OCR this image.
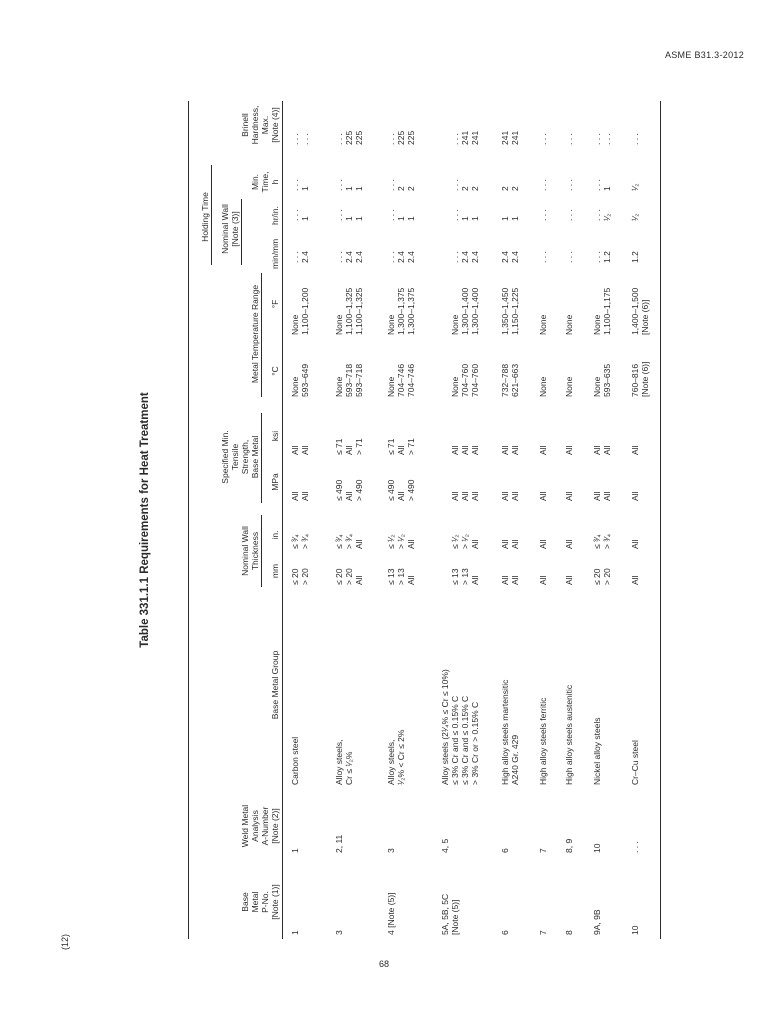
ASME B31.3-2012
(12)
68
Table 331.1.1 Requirements for Heat Treatment
Base Metal P-No. [Note (1)]
Weld Metal Analysis A-Number [Note (2)]
Base Metal Group
Nominal Wall Thickness
mm
in.
Specified Min. Tensile Strength, Base Metal
MPa
ksi
Metal Temperature Range °C
°F
Holding Time Nominal Wall [Note (3)]
min/mm
hr/in.
Min. Time, h
Brinell Hardness, Max. [Note (4)]
1
1
Carbon steel
≤ 20 > 20
≤ ³⁄₄ > ³⁄₄
All All
All All
None 593–649
None 1,100–1,200
. . . 2.4
. . . 1
. . . 1
. . . . . .
3
2, 11
Alloy steels, Cr ≤ ¹⁄₂%
≤ 20 > 20 All
≤ ³⁄₄ > ³⁄₄ All
≤ 490 All > 490
≤ 71 All > 71
None 593–718 593–718
None 1,100–1,325 1,100–1,325
. . . 2.4 2.4
. . . 1 1
. . . 1 1
. . . 225 225
4 [Note (5)]
3
Alloy steels, ¹⁄₂% < Cr ≤ 2%
≤ 13 > 13 All
≤ ¹⁄₂ > ¹⁄₂ All
≤ 490 All > 490
≤ 71 All > 71
None 704–746 704–746
None 1,300–1,375 1,300–1,375
. . . 2.4 2.4
. . . 1 1
. . . 2 2
. . . 225 225
5A, 5B, 5C [Note (5)]
4, 5
Alloy steels (2¹⁄₄% ≤ Cr ≤ 10%) ≤ 3% Cr and ≤ 0.15% C ≤ 3% Cr and ≤ 0.15% C > 3% Cr or > 0.15% C
≤ 13 > 13 All
≤ ¹⁄₂ > ¹⁄₂ All
All All All
All All All
None 704–760 704–760
None 1,300–1,400 1,300–1,400
. . . 2.4 2.4
. . . 1 1
. . . 2 2
. . . 241 241
6
6
High alloy steels martensitic A240 Gr. 429
All All
All All
All All
All All
732–788 621–663
1,350–1,450 1,150–1,225
2.4 2.4
1 1
2 2
241 241
7
7
High alloy steels ferritic
All
All
All
All
None
None
. . .
. . .
. . .
. . .
8
8, 9
High alloy steels austenitic
All
All
All
All
None
None
. . .
. . .
. . .
. . .
9A, 9B
10
Nickel alloy steels
≤ 20 > 20
≤ ³⁄₄ > ³⁄₄
All All
All All
None 593–635
None 1,100–1,175
. . . 1.2
. . . ¹⁄₂
. . . 1
. . . . . .
10
. . .
Cr–Cu steel
All
All
All
All
760–816 [Note (6)]
1,400–1,500 [Note (6)]
1.2
¹⁄₂
¹⁄₂
. . .
